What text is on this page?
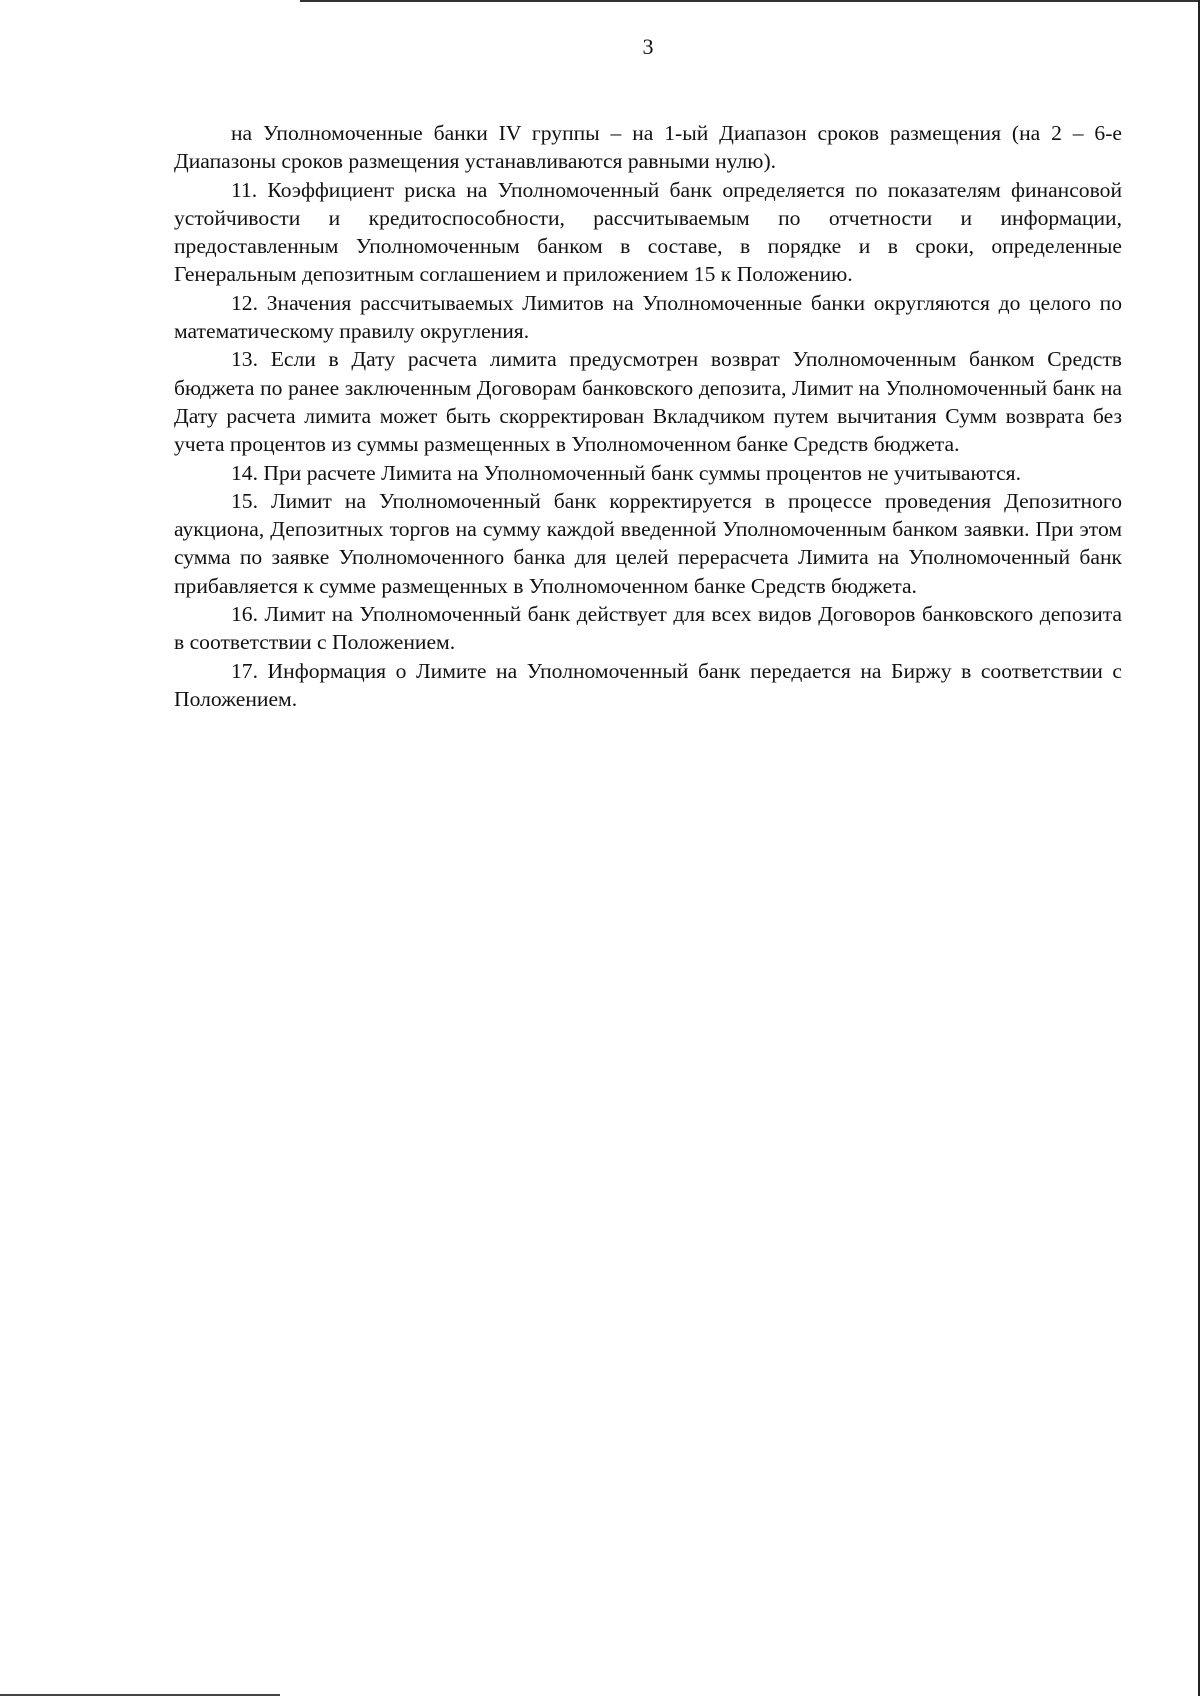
3

на Уполномоченные банки IV группы – на 1-ый Диапазон сроков размещения (на 2 – 6-е Диапазоны сроков размещения устанавливаются равными нулю).

11. Коэффициент риска на Уполномоченный банк определяется по показателям финансовой устойчивости и кредитоспособности, рассчитываемым по отчетности и информации, предоставленным Уполномоченным банком в составе, в порядке и в сроки, определенные Генеральным депозитным соглашением и приложением 15 к Положению.

12. Значения рассчитываемых Лимитов на Уполномоченные банки округляются до целого по математическому правилу округления.

13. Если в Дату расчета лимита предусмотрен возврат Уполномоченным банком Средств бюджета по ранее заключенным Договорам банковского депозита, Лимит на Уполномоченный банк на Дату расчета лимита может быть скорректирован Вкладчиком путем вычитания Сумм возврата без учета процентов из суммы размещенных в Уполномоченном банке Средств бюджета.

14. При расчете Лимита на Уполномоченный банк суммы процентов не учитываются.

15. Лимит на Уполномоченный банк корректируется в процессе проведения Депозитного аукциона, Депозитных торгов на сумму каждой введенной Уполномоченным банком заявки. При этом сумма по заявке Уполномоченного банка для целей перерасчета Лимита на Уполномоченный банк прибавляется к сумме размещенных в Уполномоченном банке Средств бюджета.

16. Лимит на Уполномоченный банк действует для всех видов Договоров банковского депозита в соответствии с Положением.

17. Информация о Лимите на Уполномоченный банк передается на Биржу в соответствии с Положением.
